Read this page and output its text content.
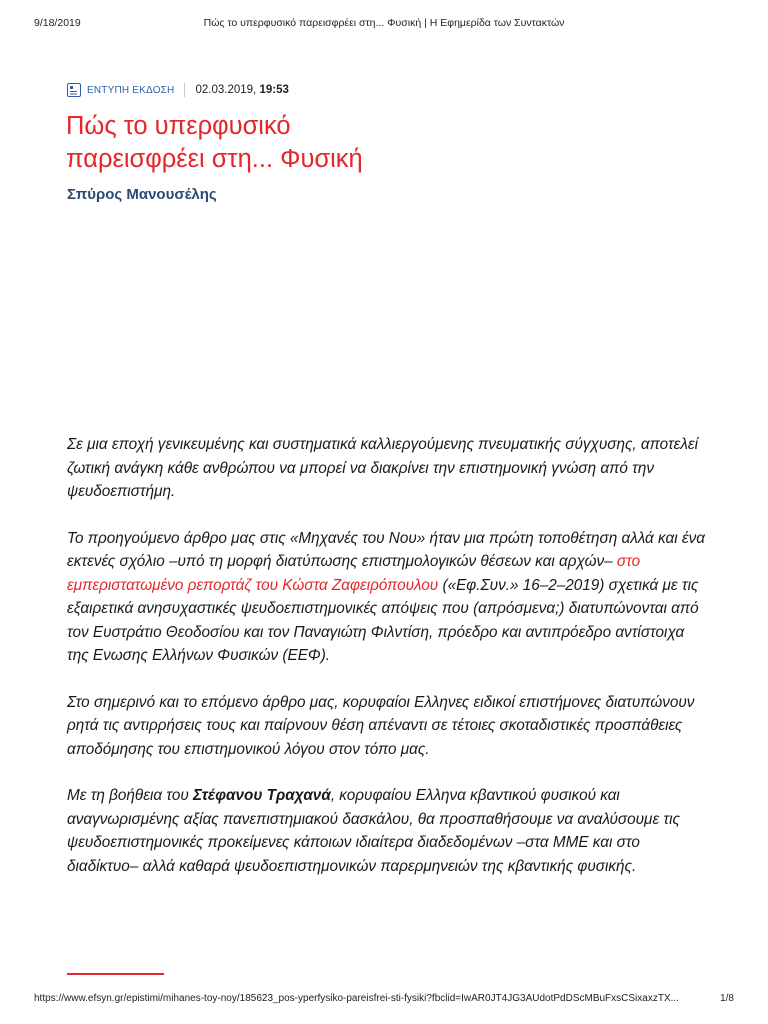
9/18/2019	Πώς το υπερφυσικό παρεισφρέει στη... Φυσική | Η Εφημερίδα των Συντακτών
ΕΝΤΥΠΗ ΕΚΔΟΣΗ 02.03.2019, 19:53
Πώς το υπερφυσικό
παρεισφρέει στη... Φυσική
Σπύρος Μανουσέλης

Σε μια εποχή γενικευμένης και συστηματικά καλλιεργούμενης πνευματικής σύγχυσης, αποτελεί ζωτική ανάγκη κάθε ανθρώπου να μπορεί να διακρίνει την επιστημονική γνώση από την ψευδοεπιστήμη.

Το προηγούμενο άρθρο μας στις «Μηχανές του Νου» ήταν μια πρώτη τοποθέτηση αλλά και ένα εκτενές σχόλιο –υπό τη μορφή διατύπωσης επιστημολογικών θέσεων και αρχών– στο εμπεριστατωμένο ρεπορτάζ του Κώστα Ζαφειρόπουλου («Εφ.Συν.» 16–2–2019) σχετικά με τις εξαιρετικά ανησυχαστικές ψευδοεπιστημονικές απόψεις που (απρόσμενα;) διατυπώνονται από τον Ευστράτιο Θεοδοσίου και τον Παναγιώτη Φιλντίση, πρόεδρο και αντιπρόεδρο αντίστοιχα της Ενωσης Ελλήνων Φυσικών (ΕΕΦ).

Στο σημερινό και το επόμενο άρθρο μας, κορυφαίοι Ελληνες ειδικοί επιστήμονες διατυπώνουν ρητά τις αντιρρήσεις τους και παίρνουν θέση απέναντι σε τέτοιες σκοταδιστικές προσπάθειες αποδόμησης του επιστημονικού λόγου στον τόπο μας.

Με τη βοήθεια του Στέφανου Τραχανά, κορυφαίου Ελληνα κβαντικού φυσικού και αναγνωρισμένης αξίας πανεπιστημιακού δασκάλου, θα προσπαθήσουμε να αναλύσουμε τις ψευδοεπιστημονικές προκείμενες κάποιων ιδιαίτερα διαδεδομένων –στα ΜΜΕ και στο διαδίκτυο– αλλά καθαρά ψευδοεπιστημονικών παρερμηνειών της κβαντικής φυσικής.

https://www.efsyn.gr/epistimi/mihanes-toy-noy/185623_pos-yperfysiko-pareisfrei-sti-fysiki?fbclid=IwAR0JT4JG3AUdotPdDScMBuFxsCSixaxzTX...	1/8
